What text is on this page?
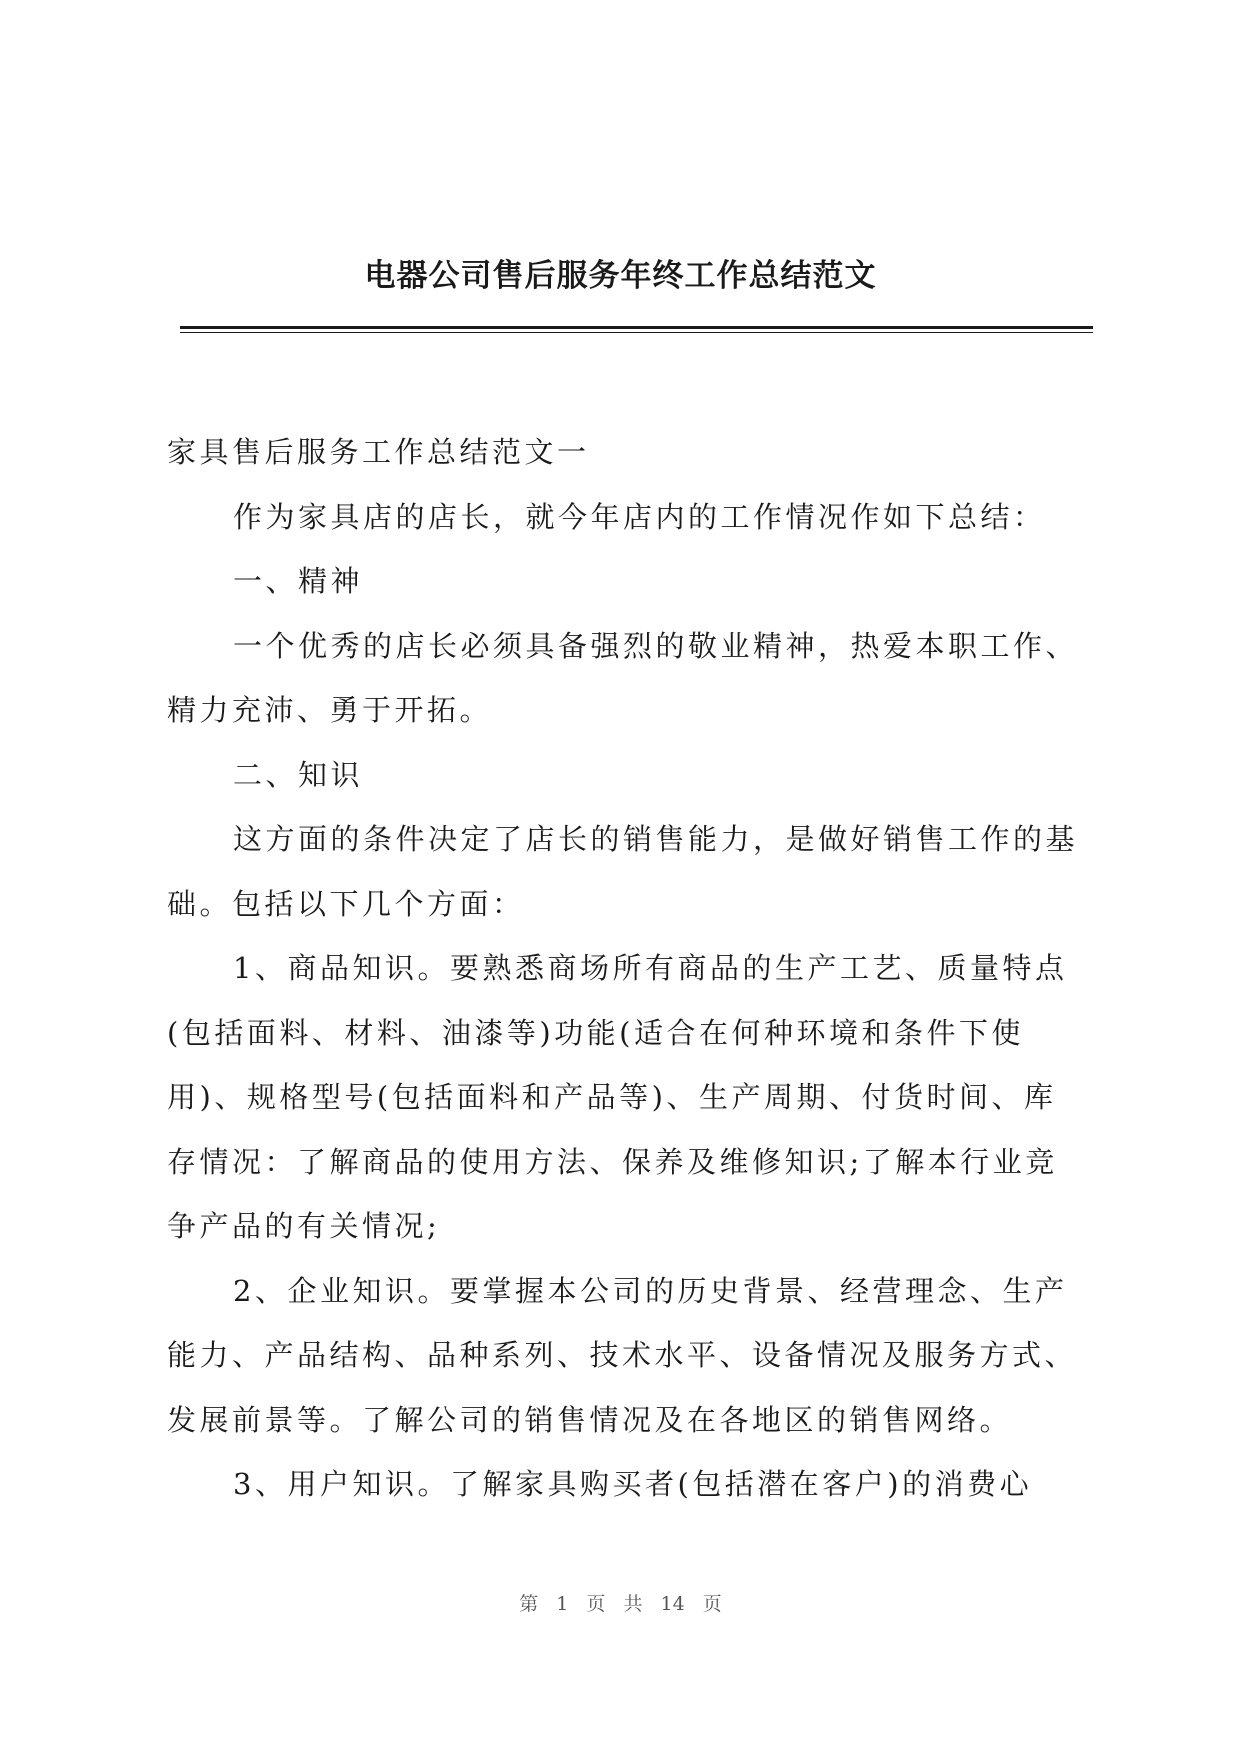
电器公司售后服务年终工作总结范文

家具售后服务工作总结范文一

作为家具店的店长，就今年店内的工作情况作如下总结：

一、精神

一个优秀的店长必须具备强烈的敬业精神，热爱本职工作、

精力充沛、勇于开拓。

二、知识

这方面的条件决定了店长的销售能力，是做好销售工作的基

础。包括以下几个方面：

1、商品知识。要熟悉商场所有商品的生产工艺、质量特点

(包括面料、材料、油漆等)功能(适合在何种环境和条件下使

用)、规格型号(包括面料和产品等)、生产周期、付货时间、库

存情况：了解商品的使用方法、保养及维修知识;了解本行业竞

争产品的有关情况;

2、企业知识。要掌握本公司的历史背景、经营理念、生产

能力、产品结构、品种系列、技术水平、设备情况及服务方式、

发展前景等。了解公司的销售情况及在各地区的销售网络。

3、用户知识。了解家具购买者(包括潜在客户)的消费心

第 1 页 共 14 页
